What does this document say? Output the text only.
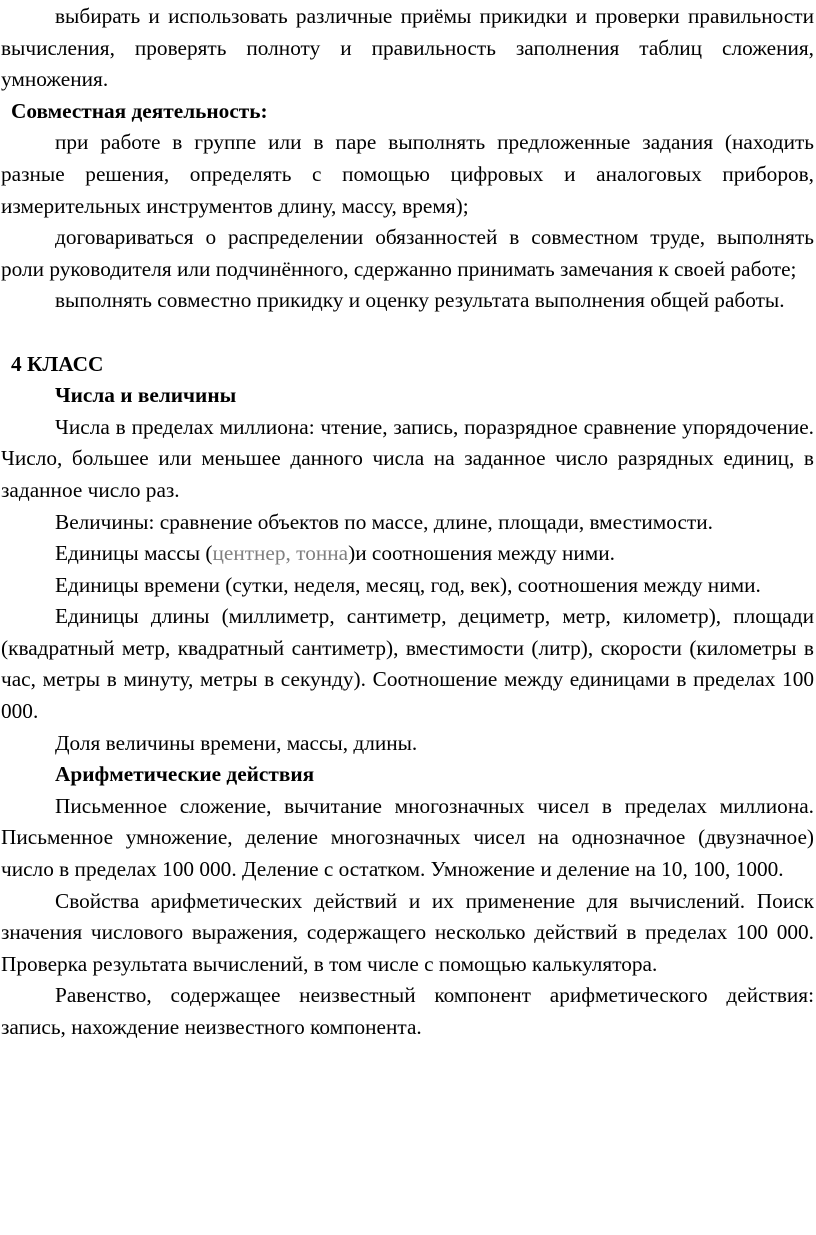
выбирать и использовать различные приёмы прикидки и проверки правильности вычисления, проверять полноту и правильность заполнения таблиц сложения, умножения.

Совместная деятельность:

при работе в группе или в паре выполнять предложенные задания (находить разные решения, определять с помощью цифровых и аналоговых приборов, измерительных инструментов длину, массу, время);

договариваться о распределении обязанностей в совместном труде, выполнять роли руководителя или подчинённого, сдержанно принимать замечания к своей работе;

выполнять совместно прикидку и оценку результата выполнения общей работы.

4 КЛАСС

Числа и величины

Числа в пределах миллиона: чтение, запись, поразрядное сравнение упорядочение. Число, большее или меньшее данного числа на заданное число разрядных единиц, в заданное число раз.

Величины: сравнение объектов по массе, длине, площади, вместимости.

Единицы массы (центнер, тонна)и соотношения между ними.

Единицы времени (сутки, неделя, месяц, год, век), соотношения между ними.

Единицы длины (миллиметр, сантиметр, дециметр, метр, километр), площади (квадратный метр, квадратный сантиметр), вместимости (литр), скорости (километры в час, метры в минуту, метры в секунду). Соотношение между единицами в пределах 100 000.

Доля величины времени, массы, длины.

Арифметические действия

Письменное сложение, вычитание многозначных чисел в пределах миллиона. Письменное умножение, деление многозначных чисел на однозначное (двузначное) число в пределах 100 000. Деление с остатком. Умножение и деление на 10, 100, 1000.

Свойства арифметических действий и их применение для вычислений. Поиск значения числового выражения, содержащего несколько действий в пределах 100 000. Проверка результата вычислений, в том числе с помощью калькулятора.

Равенство, содержащее неизвестный компонент арифметического действия: запись, нахождение неизвестного компонента.
